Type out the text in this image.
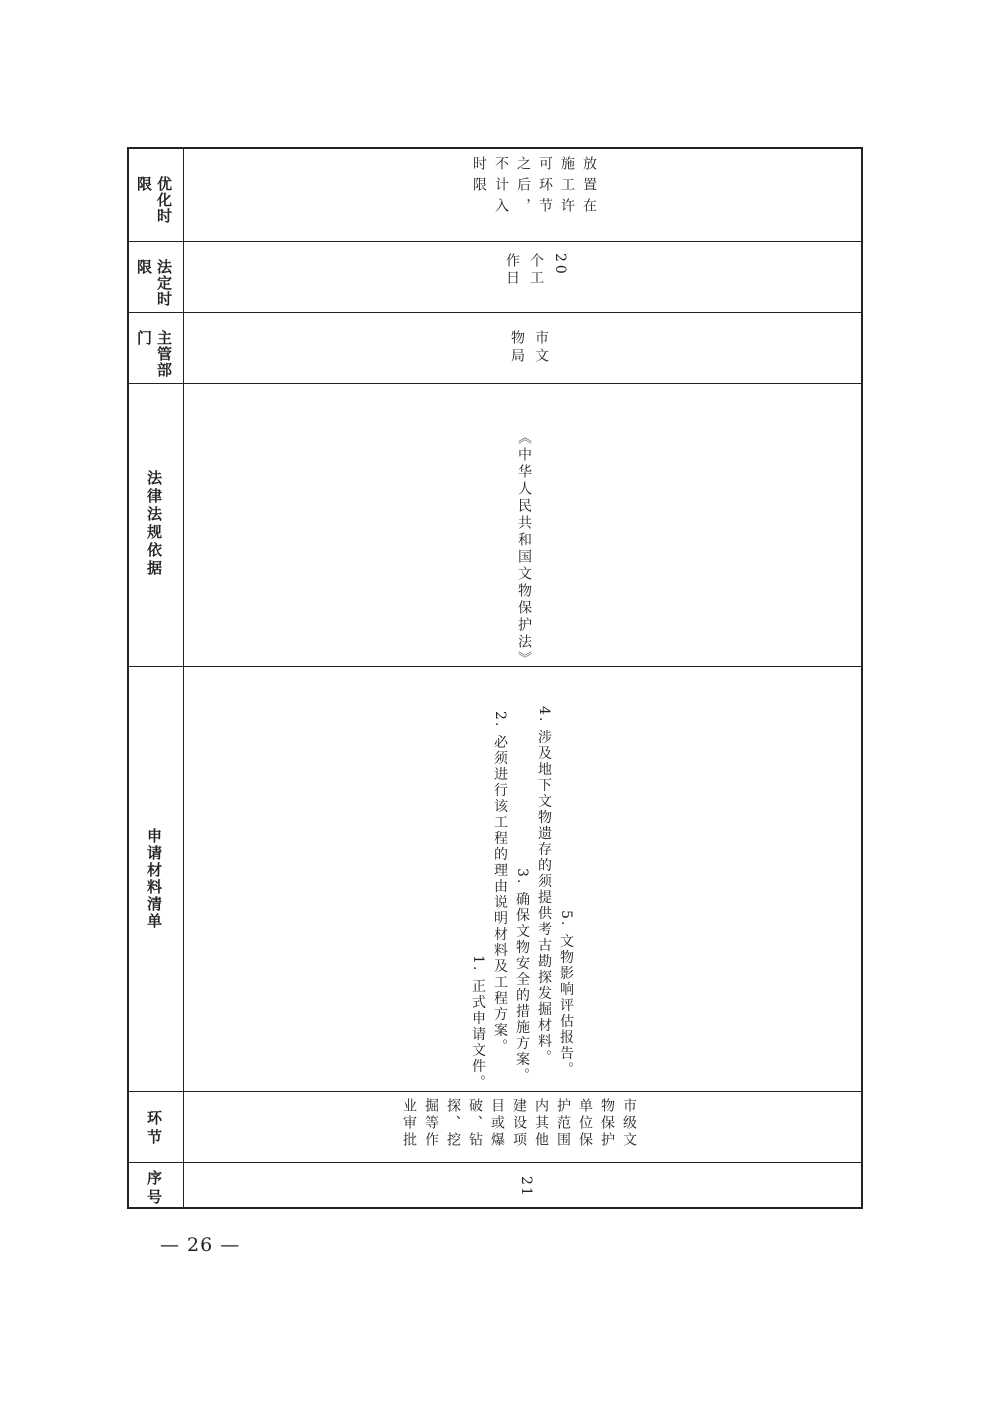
优化时限
法定时限
主管部门
法律法规依据
申请材料清单
环节
序号
放置在施工许可环节之后，不计入时限
20 个工作日
市文物局
《中华人民共和国文物保护法》
1. 正式申请文件。 2. 必须进行该工程的理由说明材料及工程方案。 3. 确保文物安全的措施方案。 4. 涉及地下文物遗存的须提供考古勘探发掘材料。 5. 文物影响评估报告。
市级文物保护单位保护范围内其他建设项目或爆破、钻探、挖掘等作业审批
21
— 26 —
